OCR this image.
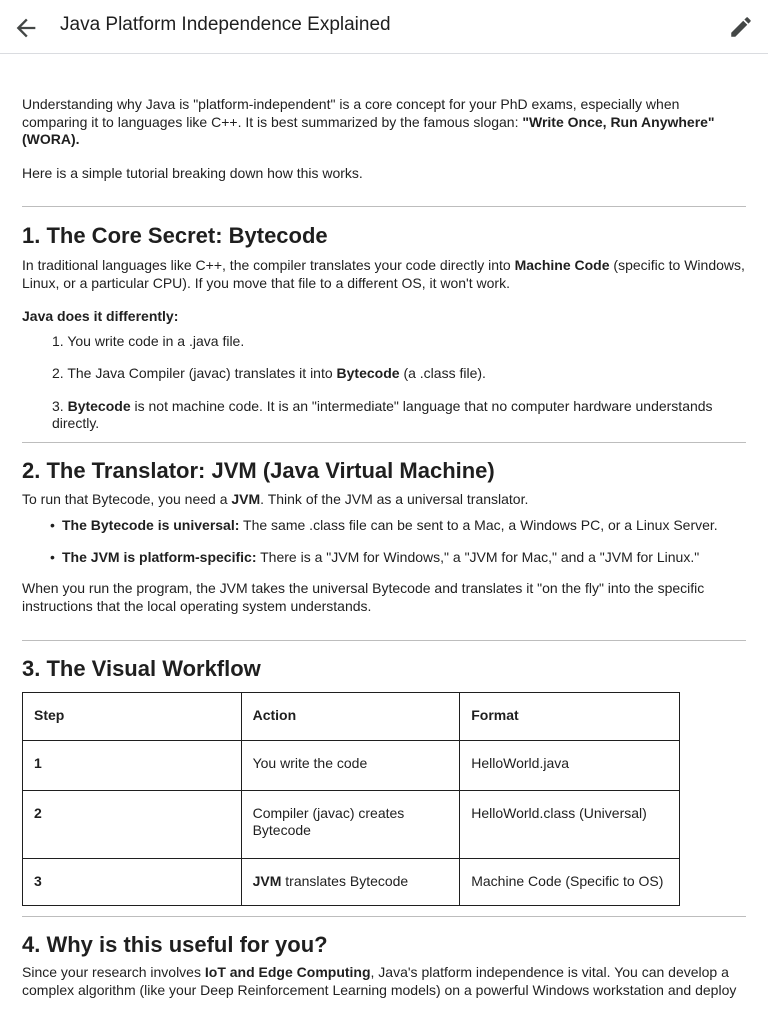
Java Platform Independence Explained

Understanding why Java is "platform-independent" is a core concept for your PhD exams, especially when comparing it to languages like C++. It is best summarized by the famous slogan: "Write Once, Run Anywhere" (WORA).

Here is a simple tutorial breaking down how this works.

1. The Core Secret: Bytecode

In traditional languages like C++, the compiler translates your code directly into Machine Code (specific to Windows, Linux, or a particular CPU). If you move that file to a different OS, it won't work.

Java does it differently:

1. You write code in a .java file.
2. The Java Compiler (javac) translates it into Bytecode (a .class file).
3. Bytecode is not machine code. It is an "intermediate" language that no computer hardware understands directly.
2. The Translator: JVM (Java Virtual Machine)

To run that Bytecode, you need a JVM. Think of the JVM as a universal translator.

• The Bytecode is universal: The same .class file can be sent to a Mac, a Windows PC, or a Linux Server.
• The JVM is platform-specific: There is a "JVM for Windows," a "JVM for Mac," and a "JVM for Linux."

When you run the program, the JVM takes the universal Bytecode and translates it "on the fly" into the specific instructions that the local operating system understands.

3. The Visual Workflow
Step	Action	Format
1	You write the code	HelloWorld.java
2	Compiler (javac) creates Bytecode	HelloWorld.class (Universal)
3	JVM translates Bytecode	Machine Code (Specific to OS)
4. Why is this useful for you?

Since your research involves IoT and Edge Computing, Java's platform independence is vital. You can develop a complex algorithm (like your Deep Reinforcement Learning models) on a powerful Windows workstation and deploy
